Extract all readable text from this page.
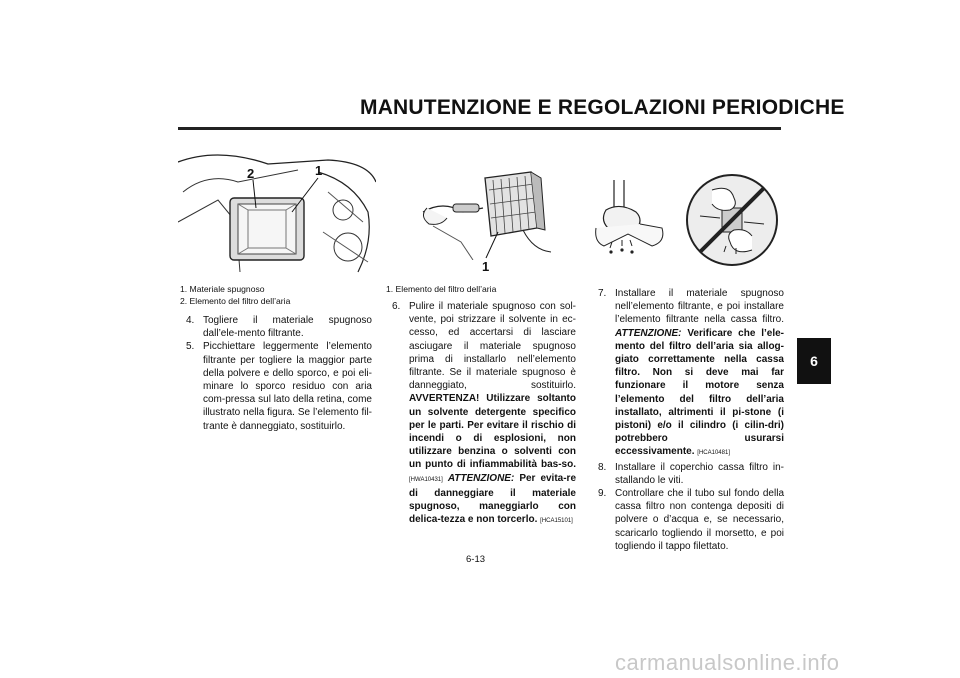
MANUTENZIONE E REGOLAZIONI PERIODICHE
6
2	1
1. Materiale spugnoso
2. Elemento del filtro dell’aria
1
1. Elemento del filtro dell’aria
4. Togliere il materiale spugnoso dall’ele-mento filtrante.
5. Picchiettare leggermente l’elemento filtrante per togliere la maggior parte della polvere e dello sporco, e poi eli-minare lo sporco residuo con aria com-pressa sul lato della retina, come illustrato nella figura. Se l’elemento fil-trante è danneggiato, sostituirlo.
6. Pulire il materiale spugnoso con sol-vente, poi strizzare il solvente in ec-cesso, ed accertarsi di lasciare asciugare il materiale spugnoso prima di installarlo nell’elemento filtrante. Se il materiale spugnoso è danneggiato, sostituirlo. AVVERTENZA! Utilizzare soltanto un solvente detergente specifico per le parti. Per evitare il rischio di incendi o di esplosioni, non utilizzare benzina o solventi con un punto di infiammabilità bas-so. [HWA10431] ATTENZIONE: Per evita-re di danneggiare il materiale spugnoso, maneggiarlo con delica-tezza e non torcerlo. [HCA15101]
7. Installare il materiale spugnoso nell’elemento filtrante, e poi installare l’elemento filtrante nella cassa filtro. ATTENZIONE: Verificare che l’ele-mento del filtro dell’aria sia allog-giato correttamente nella cassa filtro. Non si deve mai far funzionare il motore senza l’elemento del filtro dell’aria installato, altrimenti il pi-stone (i pistoni) e/o il cilindro (i cilin-dri) potrebbero usurarsi eccessivamente. [HCA10481]
8. Installare il coperchio cassa filtro in-stallando le viti.
9. Controllare che il tubo sul fondo della cassa filtro non contenga depositi di polvere o d’acqua e, se necessario, scaricarlo togliendo il morsetto, e poi togliendo il tappo filettato.
6-13
carmanualsonline.info
